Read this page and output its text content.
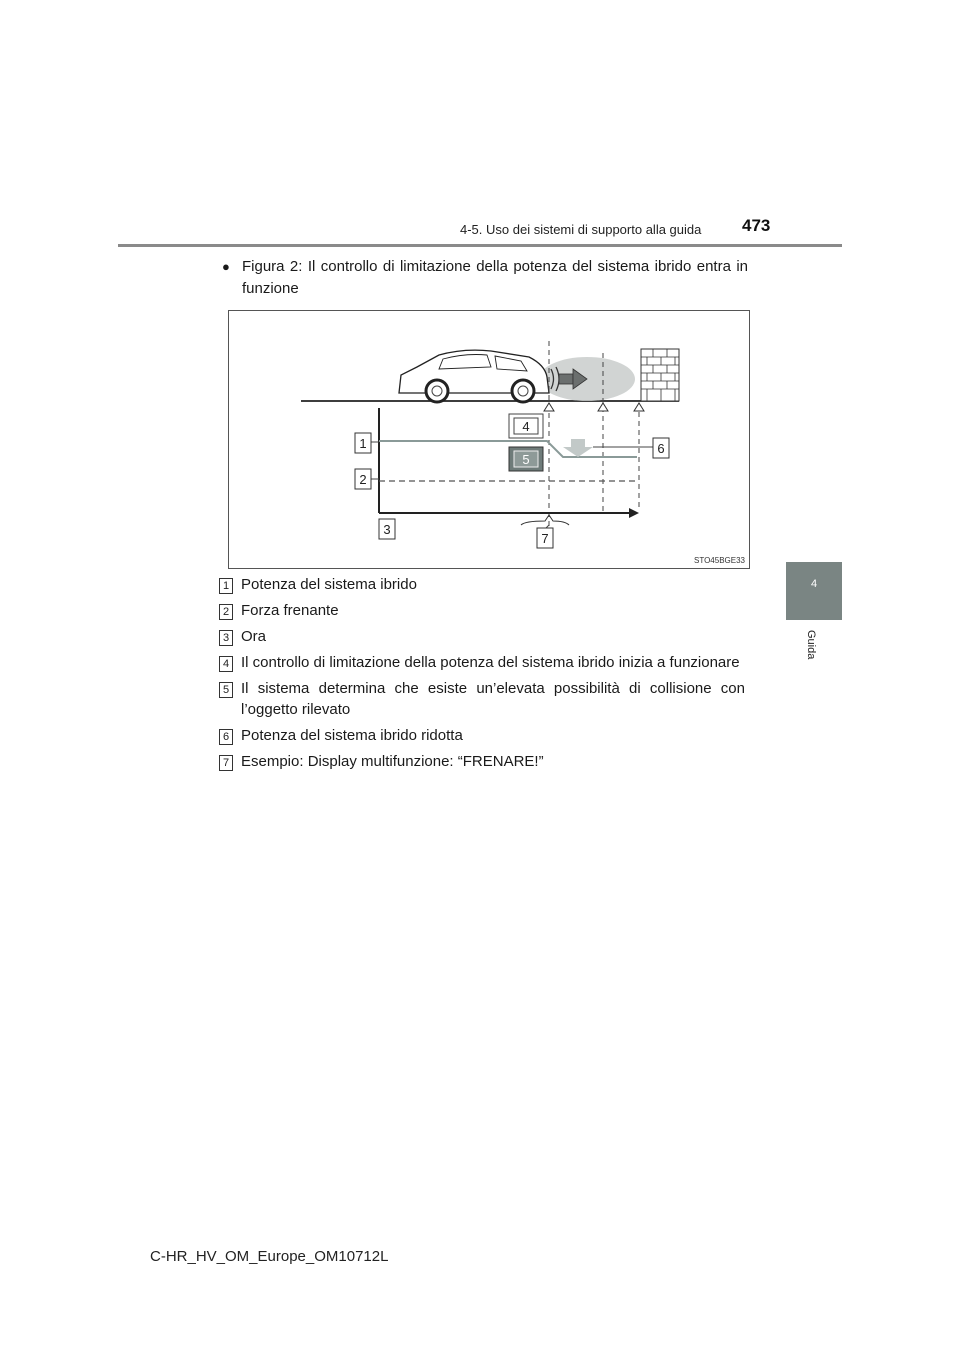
4-5. Uso dei sistemi di supporto alla guida 473
4
Guida
● Figura 2: Il controllo di limitazione della potenza del sistema ibrido entra in funzione
4
5
1
2
3
6
7
STO45BGE33
1 Potenza del sistema ibrido
2 Forza frenante
3 Ora
4 Il controllo di limitazione della potenza del sistema ibrido inizia a funzionare
5 Il sistema determina che esiste un’elevata possibilità di collisione con l’oggetto rilevato
6 Potenza del sistema ibrido ridotta
7 Esempio: Display multifunzione: “FRENARE!”
C-HR_HV_OM_Europe_OM10712L
